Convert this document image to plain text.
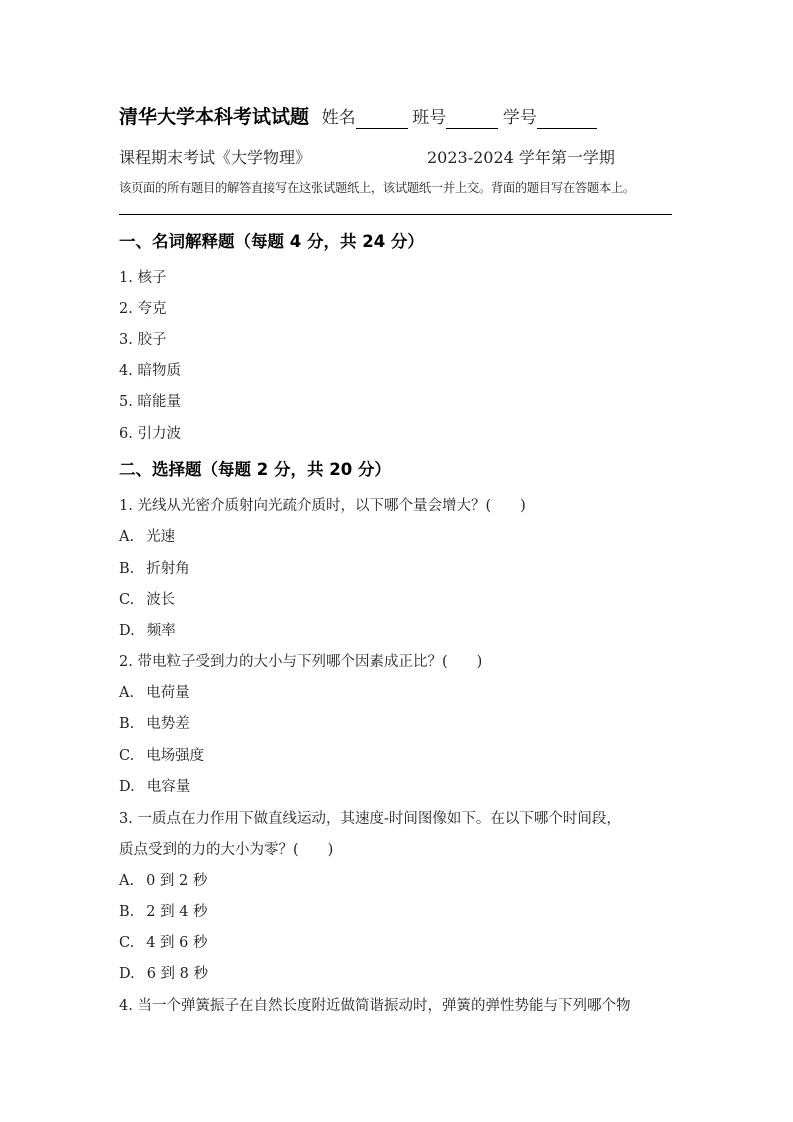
清华大学本科考试试题 姓名	班号	学号
课程期末考试《大学物理》	2023-2024 学年第一学期
该页面的所有题目的解答直接写在这张试题纸上，该试题纸一并上交。背面的题目写在答题本上。
一、名词解释题（每题 4 分，共 24 分）
1. 核子
2. 夸克
3. 胶子
4. 暗物质
5. 暗能量
6. 引力波
二、选择题（每题 2 分，共 20 分）
1. 光线从光密介质射向光疏介质时，以下哪个量会增大？(　　)
A. 光速
B. 折射角
C. 波长
D. 频率
2. 带电粒子受到力的大小与下列哪个因素成正比？(　　)
A. 电荷量
B. 电势差
C. 电场强度
D. 电容量
3. 一质点在力作用下做直线运动，其速度-时间图像如下。在以下哪个时间段，
质点受到的力的大小为零？(　　)
A. 0 到 2 秒
B. 2 到 4 秒
C. 4 到 6 秒
D. 6 到 8 秒
4. 当一个弹簧振子在自然长度附近做简谐振动时，弹簧的弹性势能与下列哪个物
